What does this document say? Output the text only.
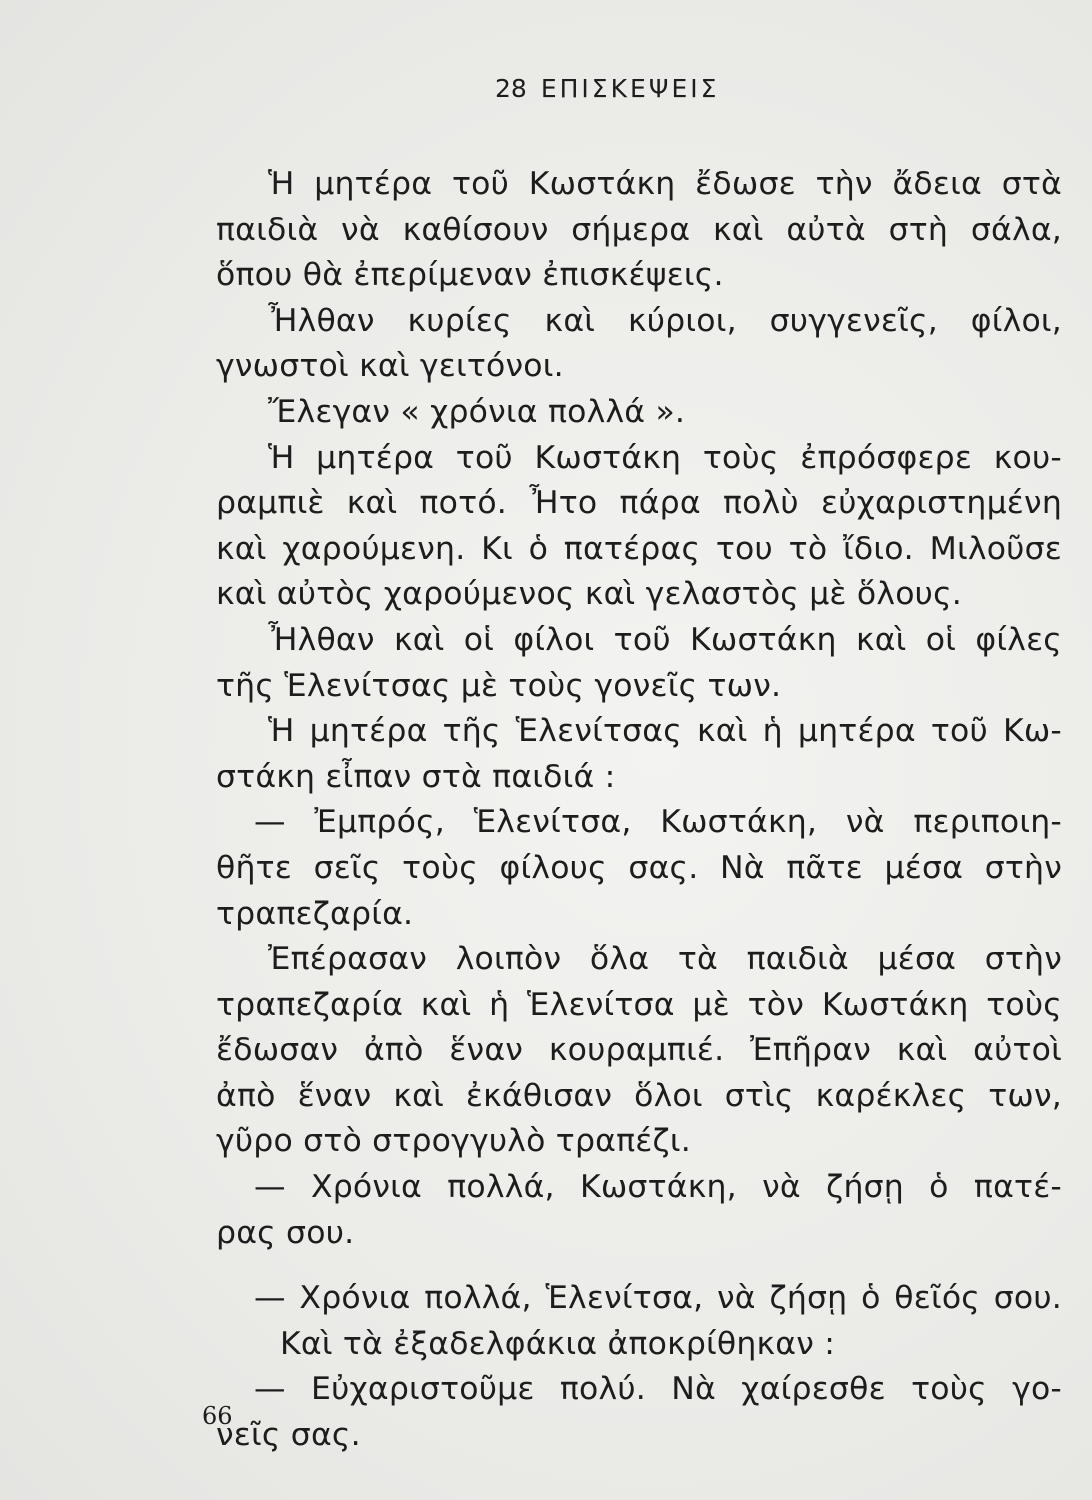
28 ΕΠΙΣΚΕΨΕΙΣ
Ἡ μητέρα τοῦ Κωστάκη ἔδωσε τὴν ἄδεια στὰ
παιδιὰ νὰ καθίσουν σήμερα καὶ αὐτὰ στὴ σάλα,
ὅπου θὰ ἐπερίμεναν ἐπισκέψεις.
Ἦλθαν κυρίες καὶ κύριοι, συγγενεῖς, φίλοι,
γνωστοὶ καὶ γειτόνοι.
Ἔλεγαν « χρόνια πολλά ».
Ἡ μητέρα τοῦ Κωστάκη τοὺς ἐπρόσφερε κου-
ραμπιὲ καὶ ποτό. Ἦτο πάρα πολὺ εὐχαριστημένη
καὶ χαρούμενη. Κι ὁ πατέρας του τὸ ἴδιο. Μιλοῦσε
καὶ αὐτὸς χαρούμενος καὶ γελαστὸς μὲ ὅλους.
Ἦλθαν καὶ οἱ φίλοι τοῦ Κωστάκη καὶ οἱ φίλες
τῆς Ἑλενίτσας μὲ τοὺς γονεῖς των.
Ἡ μητέρα τῆς Ἑλενίτσας καὶ ἡ μητέρα τοῦ Κω-
στάκη εἶπαν στὰ παιδιά :
— Ἐμπρός, Ἑλενίτσα, Κωστάκη, νὰ περιποιη-
θῆτε σεῖς τοὺς φίλους σας. Νὰ πᾶτε μέσα στὴν
τραπεζαρία.
Ἐπέρασαν λοιπὸν ὅλα τὰ παιδιὰ μέσα στὴν
τραπεζαρία καὶ ἡ Ἑλενίτσα μὲ τὸν Κωστάκη τοὺς
ἔδωσαν ἀπὸ ἕναν κουραμπιέ. Ἐπῆραν καὶ αὐτοὶ
ἀπὸ ἕναν καὶ ἐκάθισαν ὅλοι στὶς καρέκλες των,
γῦρο στὸ στρογγυλὸ τραπέζι.
— Χρόνια πολλά, Κωστάκη, νὰ ζήσῃ ὁ πατέ-
ρας σου.
— Χρόνια πολλά, Ἑλενίτσα, νὰ ζήσῃ ὁ θεῖός σου.
Καὶ τὰ ἐξαδελφάκια ἀποκρίθηκαν :
— Εὐχαριστοῦμε πολύ. Νὰ χαίρεσθε τοὺς γο-
νεῖς σας.
66
